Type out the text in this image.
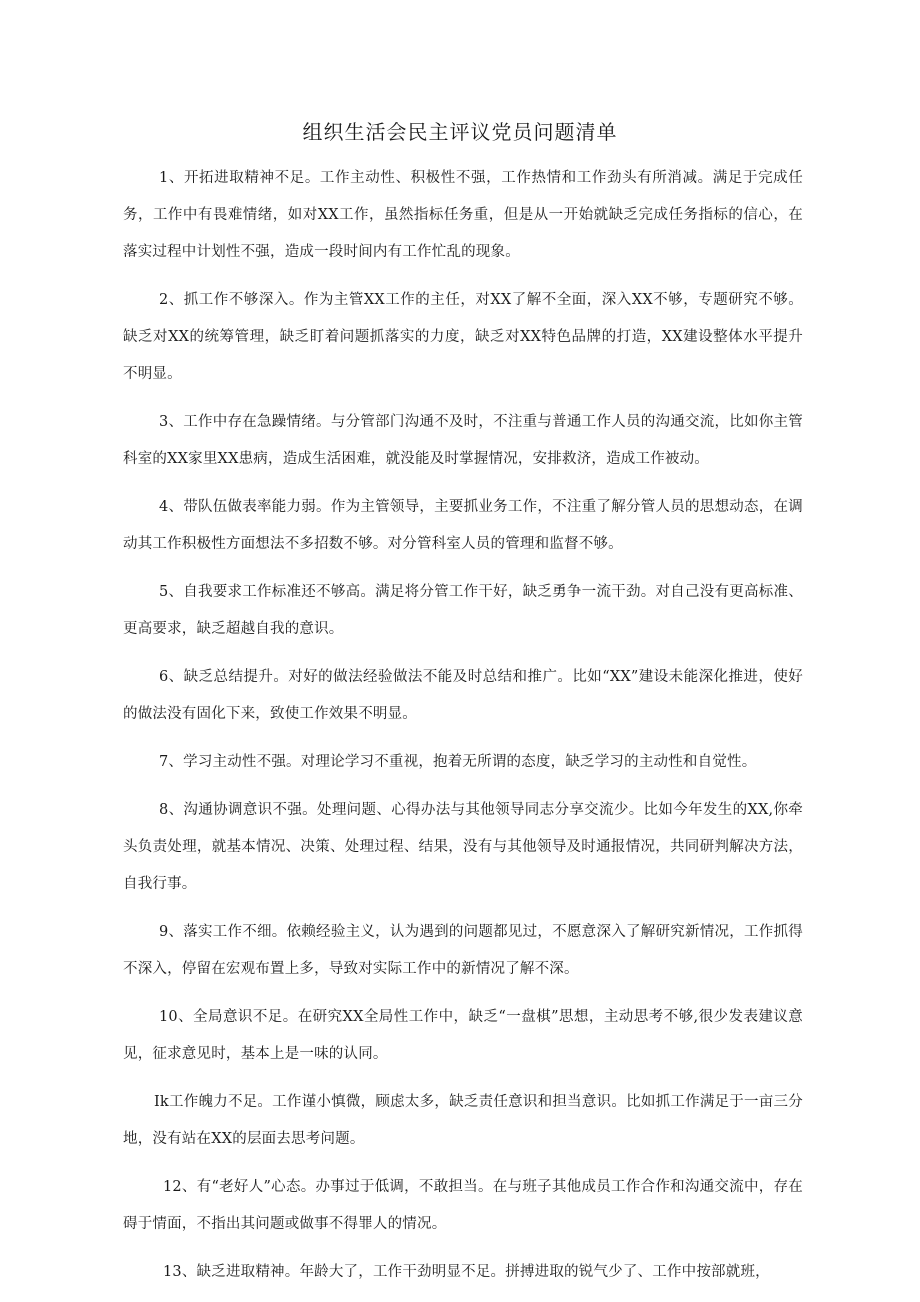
组织生活会民主评议党员问题清单

1、开拓进取精神不足。工作主动性、积极性不强，工作热情和工作劲头有所消减。满足于完成任务，工作中有畏难情绪，如对XX工作，虽然指标任务重，但是从一开始就缺乏完成任务指标的信心，在落实过程中计划性不强，造成一段时间内有工作忙乱的现象。

2、抓工作不够深入。作为主管XX工作的主任，对XX了解不全面，深入XX不够，专题研究不够。缺乏对XX的统筹管理，缺乏盯着问题抓落实的力度，缺乏对XX特色品牌的打造，XX建设整体水平提升不明显。

3、工作中存在急躁情绪。与分管部门沟通不及时，不注重与普通工作人员的沟通交流，比如你主管科室的XX家里XX患病，造成生活困难，就没能及时掌握情况，安排救济，造成工作被动。

4、带队伍做表率能力弱。作为主管领导，主要抓业务工作，不注重了解分管人员的思想动态，在调动其工作积极性方面想法不多招数不够。对分管科室人员的管理和监督不够。

5、自我要求工作标准还不够高。满足将分管工作干好，缺乏勇争一流干劲。对自己没有更高标准、更高要求，缺乏超越自我的意识。

6、缺乏总结提升。对好的做法经验做法不能及时总结和推广。比如“XX”建设未能深化推进，使好的做法没有固化下来，致使工作效果不明显。

7、学习主动性不强。对理论学习不重视，抱着无所谓的态度，缺乏学习的主动性和自觉性。

8、沟通协调意识不强。处理问题、心得办法与其他领导同志分享交流少。比如今年发生的XX,你牵头负责处理，就基本情况、决策、处理过程、结果，没有与其他领导及时通报情况，共同研判解决方法，自我行事。

9、落实工作不细。依赖经验主义，认为遇到的问题都见过，不愿意深入了解研究新情况，工作抓得不深入，停留在宏观布置上多，导致对实际工作中的新情况了解不深。

10、全局意识不足。在研究XX全局性工作中，缺乏“一盘棋”思想，主动思考不够,很少发表建议意见，征求意见时，基本上是一味的认同。

Ik工作魄力不足。工作谨小慎微，顾虑太多，缺乏责任意识和担当意识。比如抓工作满足于一亩三分地，没有站在XX的层面去思考问题。

12、有“老好人”心态。办事过于低调，不敢担当。在与班子其他成员工作合作和沟通交流中，存在碍于情面，不指出其问题或做事不得罪人的情况。

13、缺乏进取精神。年龄大了，工作干劲明显不足。拼搏进取的锐气少了、工作中按部就班，
